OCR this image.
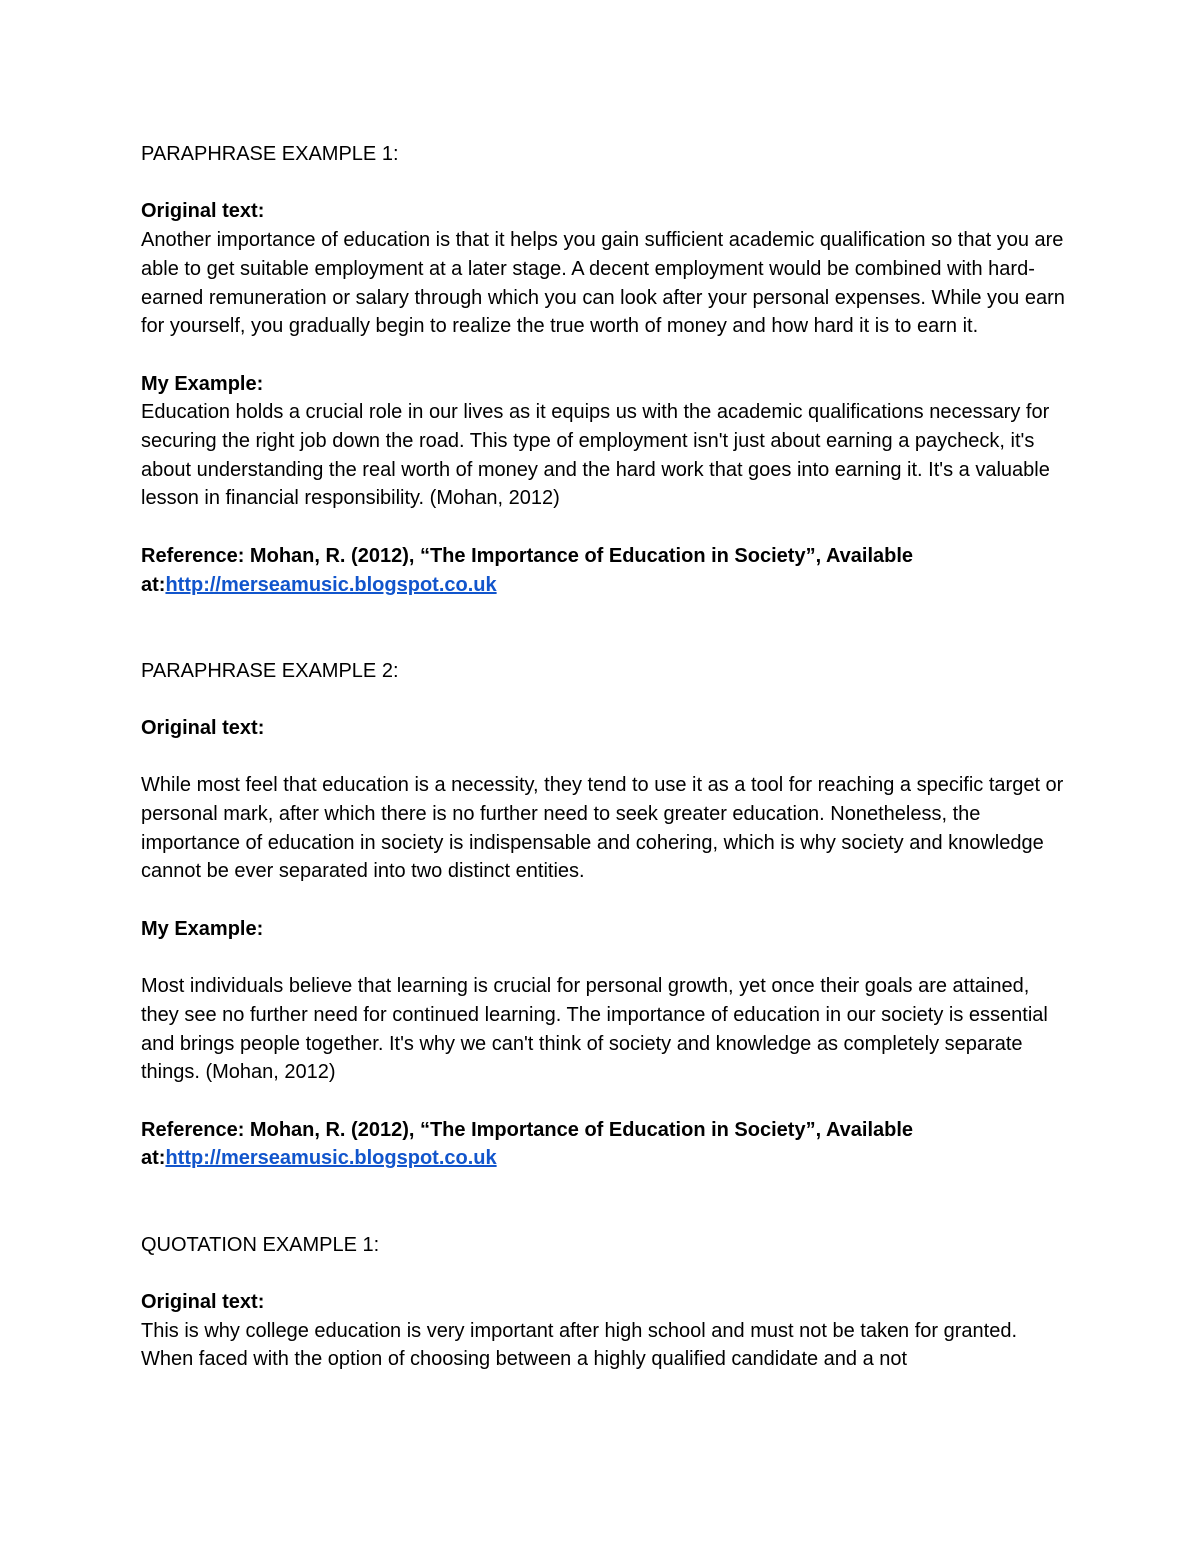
PARAPHRASE EXAMPLE 1:

Original text:

Another importance of education is that it helps you gain sufficient academic qualification so that you are able to get suitable employment at a later stage. A decent employment would be combined with hard-earned remuneration or salary through which you can look after your personal expenses. While you earn for yourself, you gradually begin to realize the true worth of money and how hard it is to earn it.

My Example:

Education holds a crucial role in our lives as it equips us with the academic qualifications necessary for securing the right job down the road. This type of employment isn't just about earning a paycheck, it's about understanding the real worth of money and the hard work that goes into earning it. It's a valuable lesson in financial responsibility. (Mohan, 2012)

Reference: Mohan, R. (2012), “The Importance of Education in Society”, Available at:http://merseamusic.blogspot.co.uk

PARAPHRASE EXAMPLE 2:

Original text:

While most feel that education is a necessity, they tend to use it as a tool for reaching a specific target or personal mark, after which there is no further need to seek greater education. Nonetheless, the importance of education in society is indispensable and cohering, which is why society and knowledge cannot be ever separated into two distinct entities.

My Example:

Most individuals believe that learning is crucial for personal growth, yet once their goals are attained, they see no further need for continued learning. The importance of education in our society is essential and brings people together. It's why we can't think of society and knowledge as completely separate things. (Mohan, 2012)

Reference: Mohan, R. (2012), “The Importance of Education in Society”, Available at:http://merseamusic.blogspot.co.uk

QUOTATION EXAMPLE 1:

Original text:

This is why college education is very important after high school and must not be taken for granted. When faced with the option of choosing between a highly qualified candidate and a not
